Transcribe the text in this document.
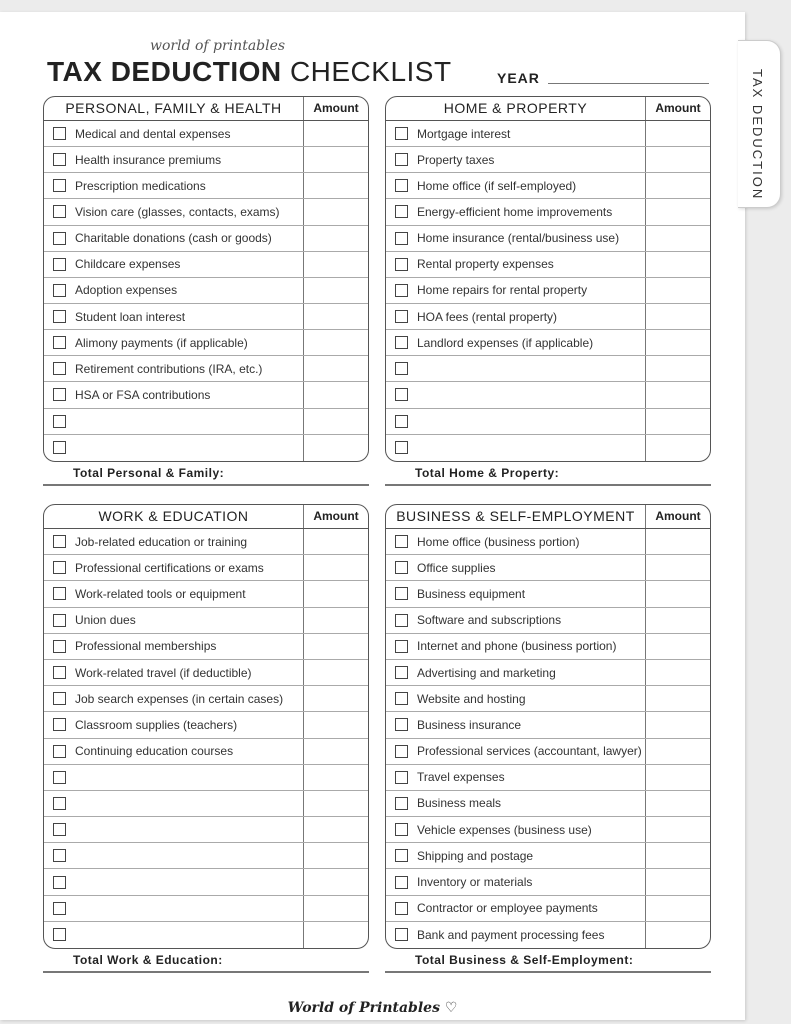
world of printables
TAX DEDUCTION CHECKLIST	YEAR
World of Printables ♡
TAX DEDUCTION
PERSONAL, FAMILY & HEALTH	Amount
Medical and dental expenses
Health insurance premiums
Prescription medications
Vision care (glasses, contacts, exams)
Charitable donations (cash or goods)
Childcare expenses
Adoption expenses
Student loan interest
Alimony payments (if applicable)
Retirement contributions (IRA, etc.)
HSA or FSA contributions
Total Personal & Family:
HOME & PROPERTY	Amount
Mortgage interest
Property taxes
Home office (if self-employed)
Energy-efficient home improvements
Home insurance (rental/business use)
Rental property expenses
Home repairs for rental property
HOA fees (rental property)
Landlord expenses (if applicable)
Total Home & Property:
WORK & EDUCATION	Amount
Job-related education or training
Professional certifications or exams
Work-related tools or equipment
Union dues
Professional memberships
Work-related travel (if deductible)
Job search expenses (in certain cases)
Classroom supplies (teachers)
Continuing education courses
Total Work & Education:
BUSINESS & SELF-EMPLOYMENT	Amount
Home office (business portion)
Office supplies
Business equipment
Software and subscriptions
Internet and phone (business portion)
Advertising and marketing
Website and hosting
Business insurance
Professional services (accountant, lawyer)
Travel expenses
Business meals
Vehicle expenses (business use)
Shipping and postage
Inventory or materials
Contractor or employee payments
Bank and payment processing fees
Total Business & Self-Employment:
